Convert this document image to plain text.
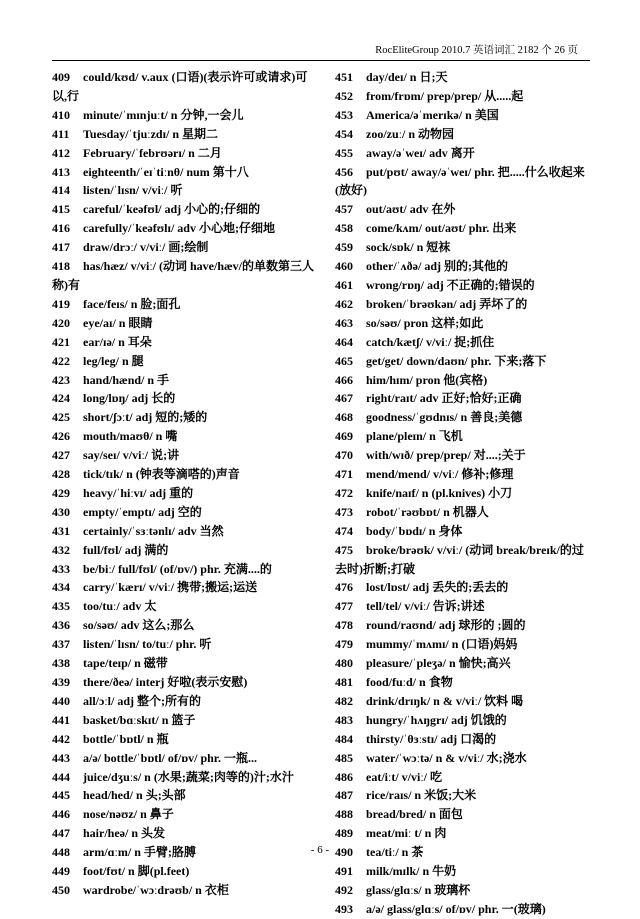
RocEliteGroup 2010.7 英语词汇 2182 个 26 页
409 could/kʊd/ v.aux (口语)(表示许可或请求)可以,行
410 minute/ˈmɪnjuːt/ n 分钟,一会儿
411 Tuesday/ˈtjuːzdɪ/ n 星期二
412 February/ˈfebrʊərɪ/ n 二月
413 eighteenth/ˈeɪˈtiːnθ/ num 第十八
414 listen/ˈlɪsn/ v/viː/ 听
415 careful/ˈkeəfʊl/ adj 小心的;仔细的
416 carefully/ˈkeəfʊlɪ/ adv 小心地;仔细地
417 draw/drɔː/ v/viː/ 画;绘制
418 has/hæz/ v/viː/ (动词 have/hæv/的单数第三人称)有
419 face/feɪs/ n 脸;面孔
420 eye/aɪ/ n 眼睛
421 ear/ɪə/ n 耳朵
422 leg/leg/ n 腿
423 hand/hænd/ n 手
424 long/lɒŋ/ adj 长的
425 short/ʃɔːt/ adj 短的;矮的
426 mouth/maʊθ/ n 嘴
427 say/seɪ/ v/viː/ 说;讲
428 tick/tɪk/ n (钟表等滴嗒的)声音
429 heavy/ˈhiːvɪ/ adj 重的
430 empty/ˈemptɪ/ adj 空的
431 certainly/ˈsɜːtənlɪ/ adv 当然
432 full/fʊl/ adj 满的
433 be/biː/ full/fʊl/ (of/ɒv/) phr. 充满....的
434 carry/ˈkærɪ/ v/viː/ 携带;搬运;运送
435 too/tuː/ adv 太
436 so/səʊ/ adv 这么;那么
437 listen/ˈlɪsn/ to/tuː/ phr. 听
438 tape/teɪp/ n 磁带
439 there/ðeə/ interj 好啦(表示安慰)
440 all/ɔːl/ adj 整个;所有的
441 basket/bɑːskɪt/ n 篮子
442 bottle/ˈbɒtl/ n 瓶
443 a/ə/ bottle/ˈbɒtl/ of/ɒv/ phr. 一瓶...
444 juice/dʒuːs/ n (水果;蔬菜;肉等的)汁;水汁
445 head/hed/ n 头;头部
446 nose/nəʊz/ n 鼻子
447 hair/heə/ n 头发
448 arm/ɑːm/ n 手臂;胳膊
449 foot/fʊt/ n 脚(pl.feet)
450 wardrobe/ˈwɔːdrəʊb/ n 衣柜
451 day/deɪ/ n 日;天
452 from/frɒm/ prep/prep/ 从.....起
453 America/əˈmerɪkə/ n 美国
454 zoo/zuː/ n 动物园
455 away/əˈweɪ/ adv 离开
456 put/pʊt/ away/əˈweɪ/ phr. 把.....什么收起来(放好)
457 out/aʊt/ adv 在外
458 come/kʌm/ out/aʊt/ phr. 出来
459 sock/sɒk/ n 短袜
460 other/ˈʌðə/ adj 别的;其他的
461 wrong/rɒŋ/ adj 不正确的;错误的
462 broken/ˈbrəʊkən/ adj 弄坏了的
463 so/səʊ/ pron 这样;如此
464 catch/kætʃ/ v/viː/ 捉;抓住
465 get/get/ down/daʊn/ phr. 下来;落下
466 him/hɪm/ pron 他(宾格)
467 right/raɪt/ adv 正好;恰好;正确
468 goodness/ˈgʊdnɪs/ n 善良;美德
469 plane/pleɪn/ n 飞机
470 with/wɪð/ prep/prep/ 对....;关于
471 mend/mend/ v/viː/ 修补;修理
472 knife/naɪf/ n (pl.knives) 小刀
473 robot/ˈrəʊbɒt/ n 机器人
474 body/ˈbɒdɪ/ n 身体
475 broke/brəʊk/ v/viː/ (动词 break/breɪk/的过去时)折断;打破
476 lost/lɒst/ adj 丢失的;丢去的
477 tell/tel/ v/viː/ 告诉;讲述
478 round/raʊnd/ adj 球形的 ;圆的
479 mummy/ˈmʌmɪ/ n (口语)妈妈
480 pleasure/ˈpleʒə/ n 愉快;高兴
481 food/fuːd/ n 食物
482 drink/drɪŋk/ n & v/viː/ 饮料 喝
483 hungry/ˈhʌŋgrɪ/ adj 饥饿的
484 thirsty/ˈθɜːstɪ/ adj 口渴的
485 water/ˈwɔːtə/ n & v/viː/ 水;浇水
486 eat/iːt/ v/viː/ 吃
487 rice/raɪs/ n 米饭;大米
488 bread/bred/ n 面包
489 meat/miː t/ n 肉
490 tea/tiː/ n 茶
491 milk/mɪlk/ n 牛奶
492 glass/glɑːs/ n 玻璃杯
493 a/ə/ glass/glɑːs/ of/ɒv/ phr. 一(玻璃)
- 6 -
